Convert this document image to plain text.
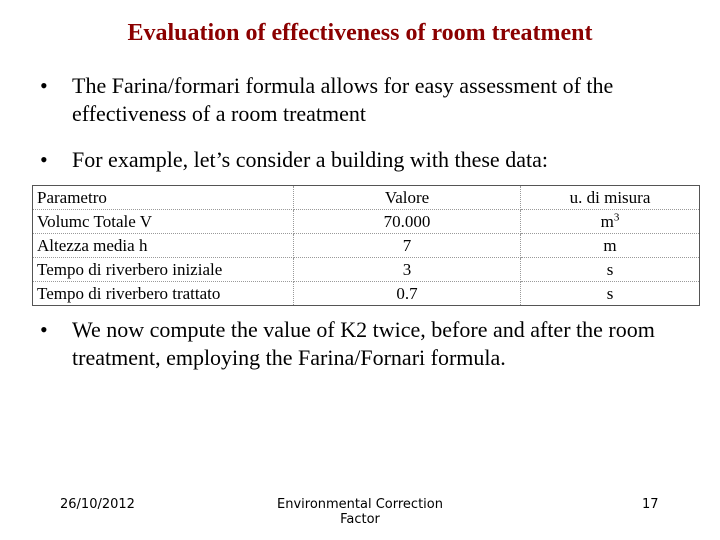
Evaluation of effectiveness of room treatment
•	The Farina/formari formula allows for easy assessment of the effectiveness of a room treatment
•	For example, let’s consider a building with these data:
Parametro	Valore	u. di misura
Volumc Totale V	70.000	$m^3$
Altezza media h	7	m
Tempo di riverbero iniziale	3	s
Tempo di riverbero trattato	0.7	s
•	We now compute the value of K2 twice, before and after the room treatment, employing the Farina/Fornari formula.
26/10/2012	Environmental Correction Factor
17
